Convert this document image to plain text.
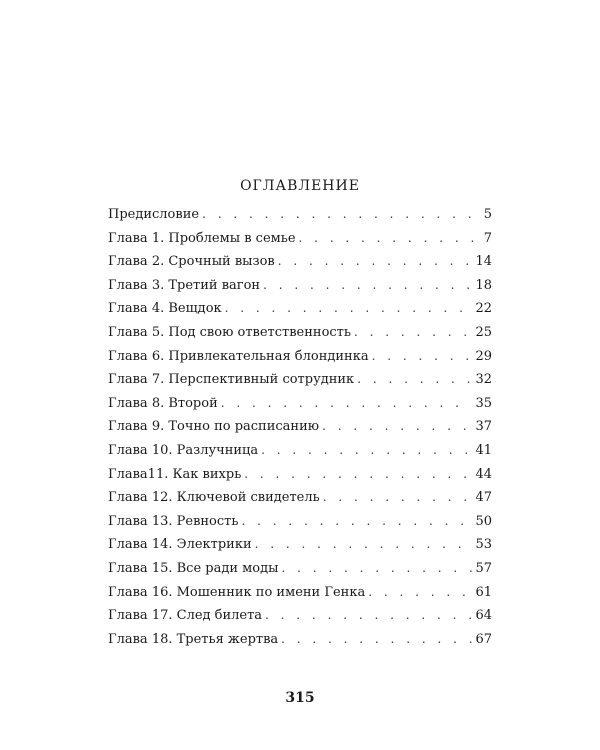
ОГЛАВЛЕНИЕ
Предисловие . . .	5
Глава 1. Проблемы в семье . . .	7
Глава 2. Срочный вызов . . .	14
Глава 3. Третий вагон . . .	18
Глава 4. Вещдок . . .	22
Глава 5. Под свою ответственность . . .	25
Глава 6. Привлекательная блондинка . . .	29
Глава 7. Перспективный сотрудник . . .	32
Глава 8. Второй . . .	35
Глава 9. Точно по расписанию . . .	37
Глава 10. Разлучница . . .	41
Глава11. Как вихрь . . .	44
Глава 12. Ключевой свидетель . . .	47
Глава 13. Ревность . . .	50
Глава 14. Электрики . . .	53
Глава 15. Все ради моды . . .	57
Глава 16. Мошенник по имени Генка . . .	61
Глава 17. След билета . . .	64
Глава 18. Третья жертва . . .	67
315
